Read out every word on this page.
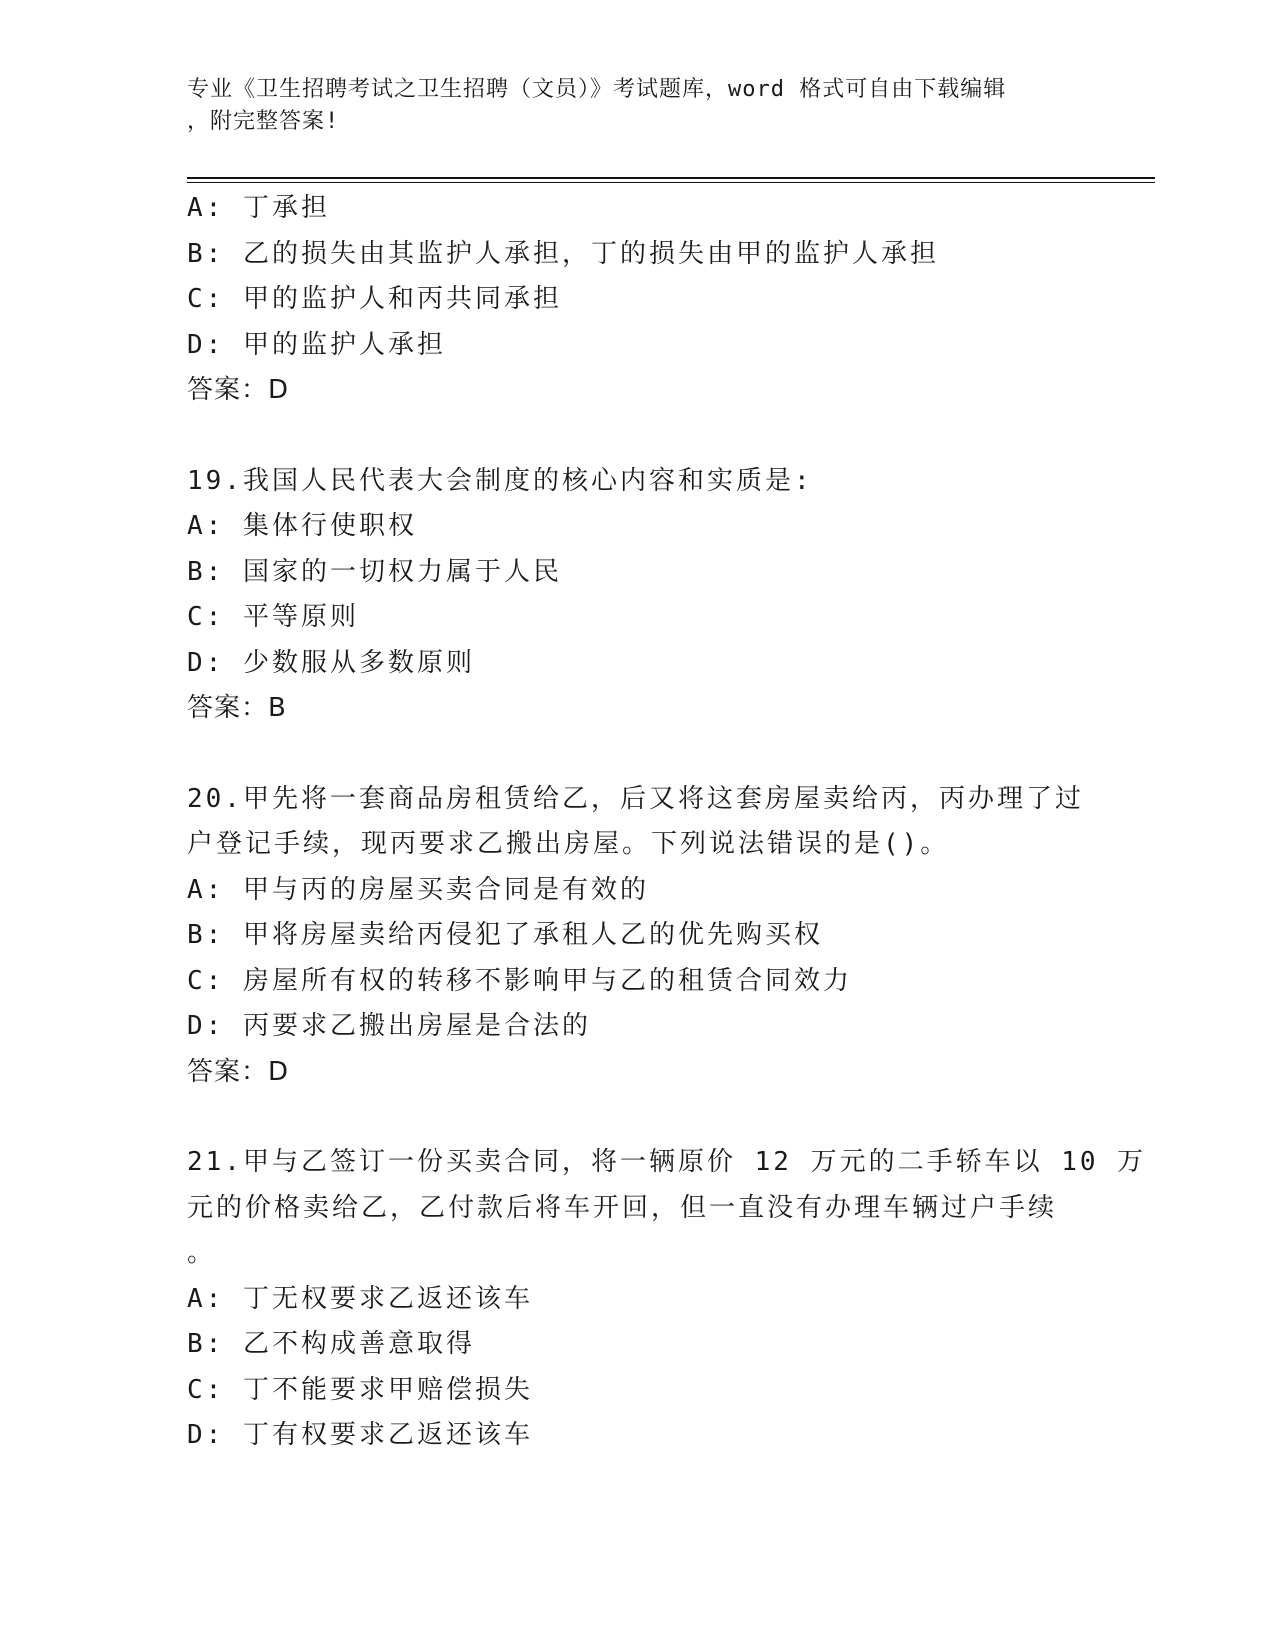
专业《卫生招聘考试之卫生招聘（文员）》考试题库，word 格式可自由下载编辑
，附完整答案!
A: 丁承担
B: 乙的损失由其监护人承担，丁的损失由甲的监护人承担
C: 甲的监护人和丙共同承担
D: 甲的监护人承担
答案：D
19.我国人民代表大会制度的核心内容和实质是:
A: 集体行使职权
B: 国家的一切权力属于人民
C: 平等原则
D: 少数服从多数原则
答案：B
20.甲先将一套商品房租赁给乙，后又将这套房屋卖给丙，丙办理了过
户登记手续，现丙要求乙搬出房屋。下列说法错误的是()。
A: 甲与丙的房屋买卖合同是有效的
B: 甲将房屋卖给丙侵犯了承租人乙的优先购买权
C: 房屋所有权的转移不影响甲与乙的租赁合同效力
D: 丙要求乙搬出房屋是合法的
答案：D
21.甲与乙签订一份买卖合同，将一辆原价 12 万元的二手轿车以 10 万
元的价格卖给乙，乙付款后将车开回，但一直没有办理车辆过户手续
。
A: 丁无权要求乙返还该车
B: 乙不构成善意取得
C: 丁不能要求甲赔偿损失
D: 丁有权要求乙返还该车
